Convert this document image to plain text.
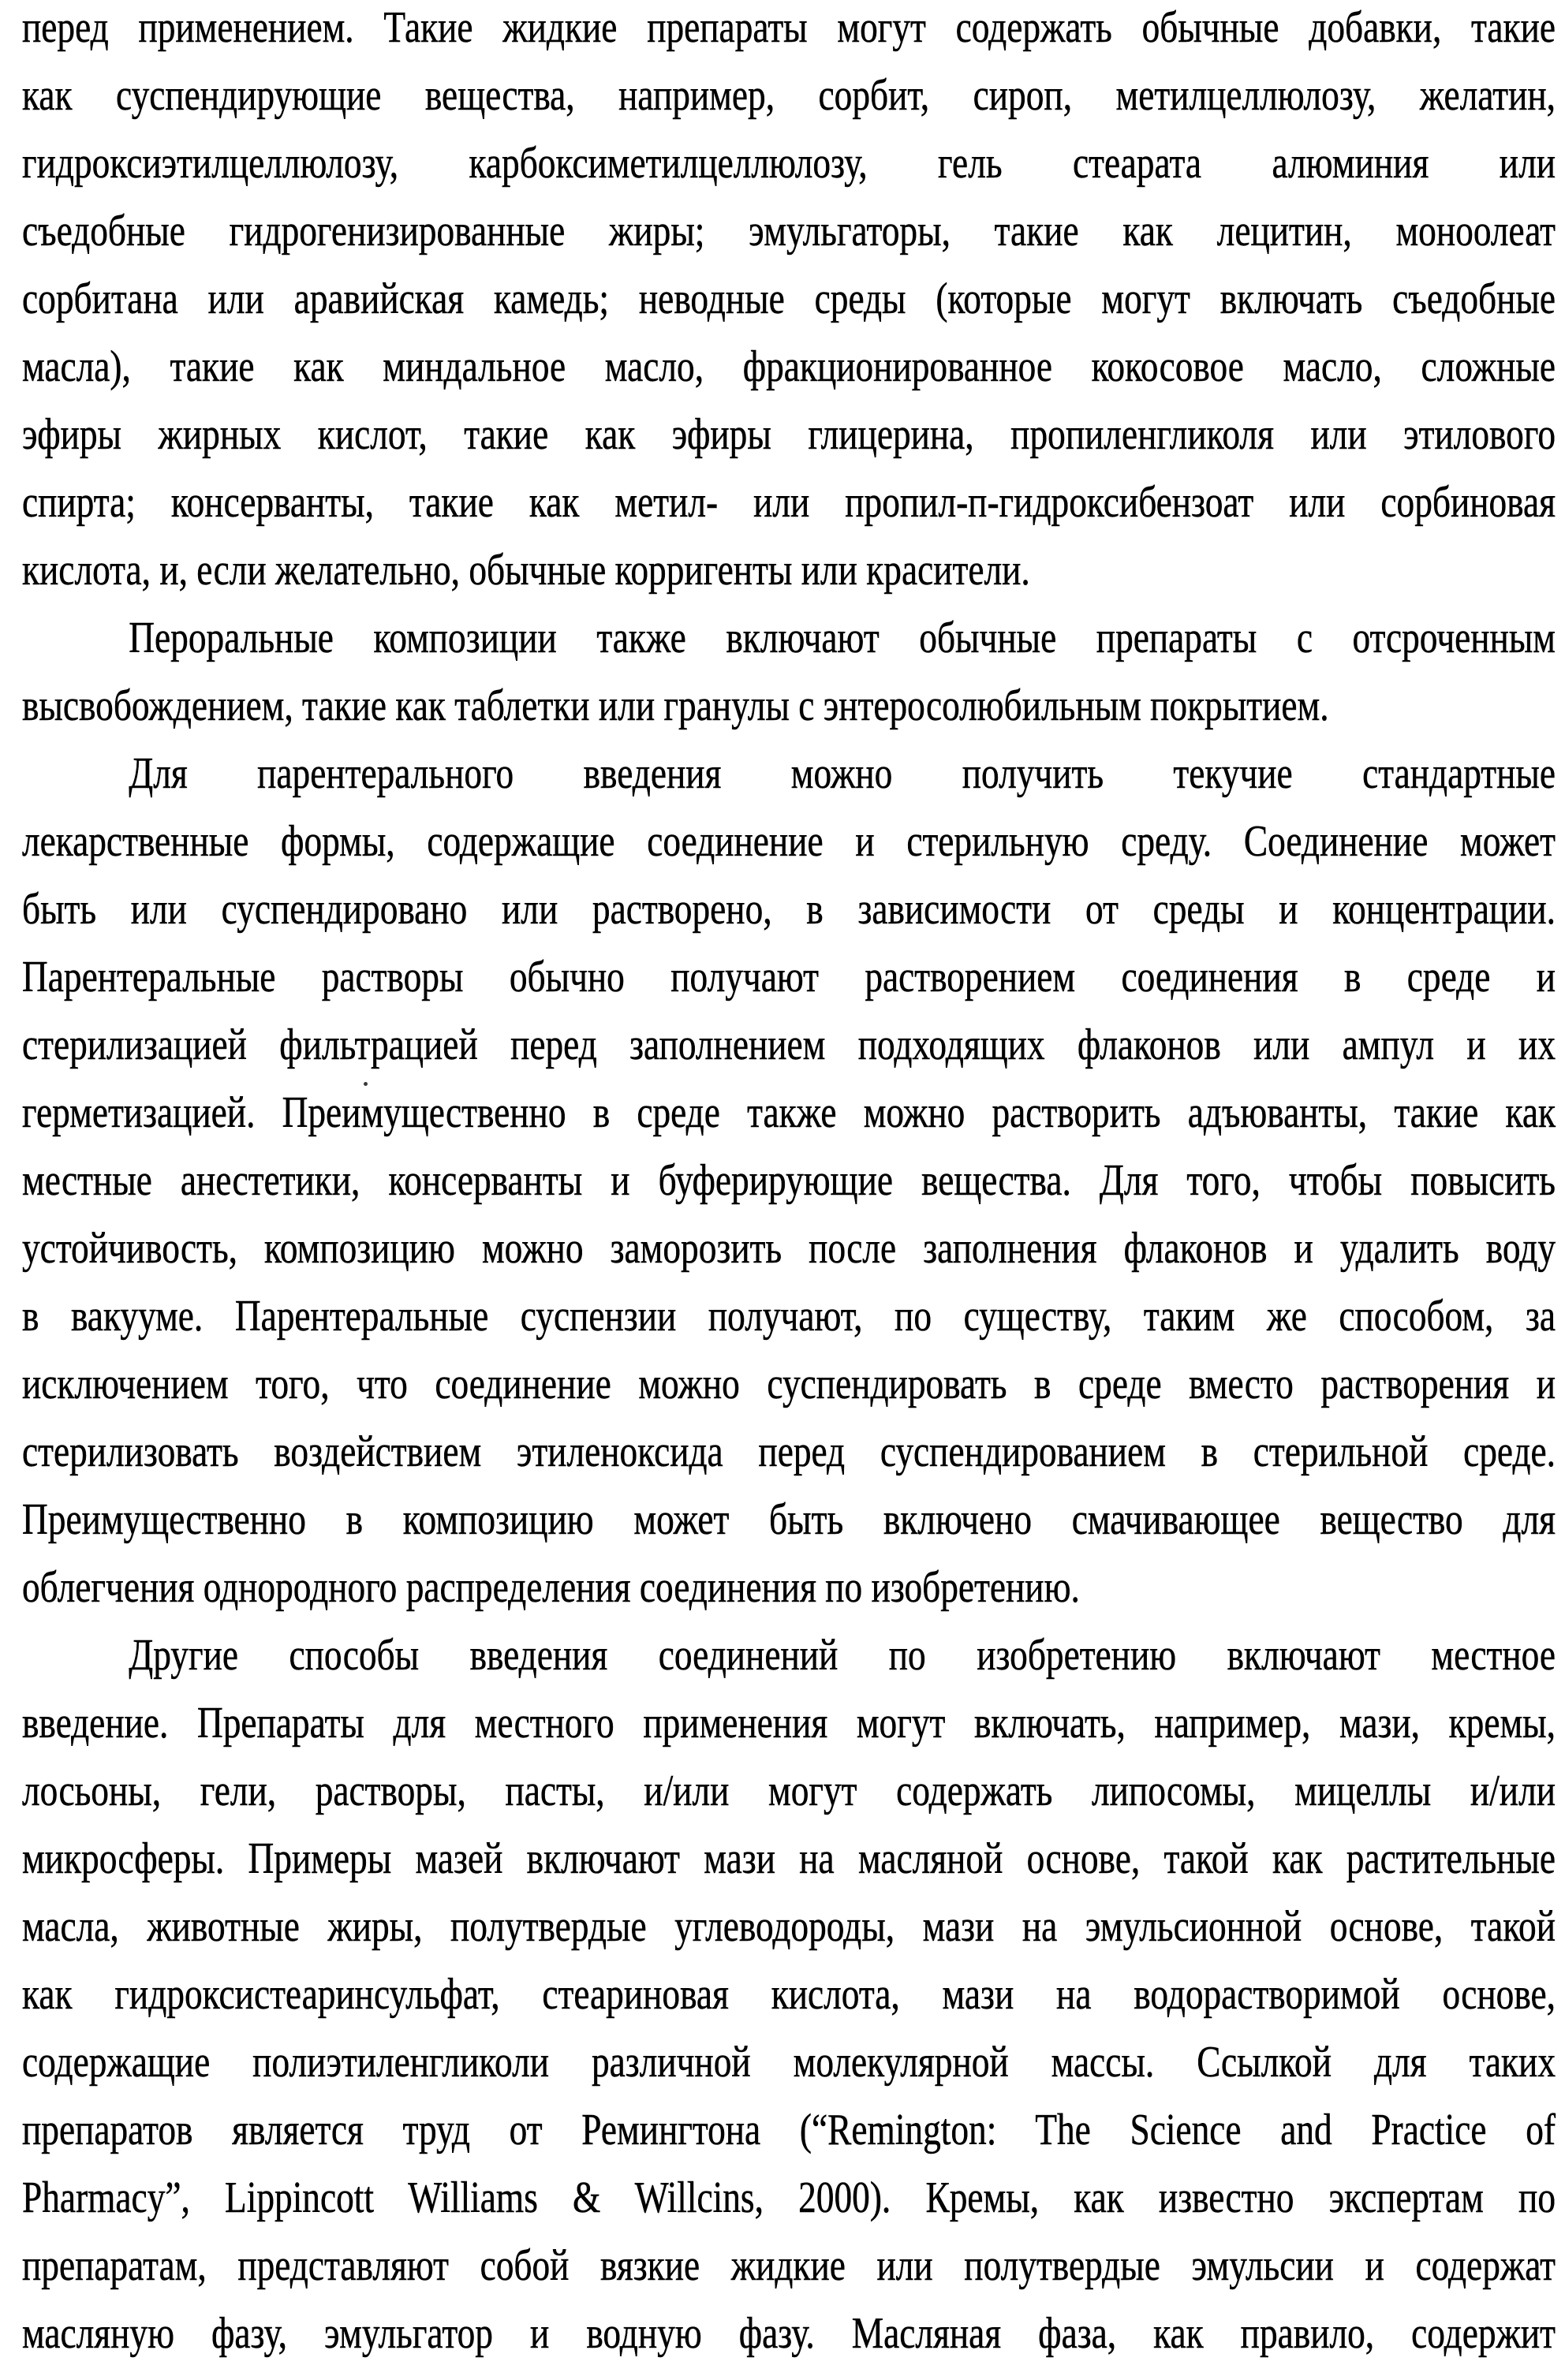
перед применением. Такие жидкие препараты могут содержать обычные добавки, такие
как суспендирующие вещества, например, сорбит, сироп, метилцеллюлозу, желатин,
гидроксиэтилцеллюлозу, карбоксиметилцеллюлозу, гель стеарата алюминия или
съедобные гидрогенизированные жиры; эмульгаторы, такие как лецитин, моноолеат
сорбитана или аравийская камедь; неводные среды (которые могут включать съедобные
масла), такие как миндальное масло, фракционированное кокосовое масло, сложные
эфиры жирных кислот, такие как эфиры глицерина, пропиленгликоля или этилового
спирта; консерванты, такие как метил- или пропил-п-гидроксибензоат или сорбиновая
кислота, и, если желательно, обычные корригенты или красители.
Пероральные композиции также включают обычные препараты с отсроченным
высвобождением, такие как таблетки или гранулы с энтеросолюбильным покрытием.
Для парентерального введения можно получить текучие стандартные
лекарственные формы, содержащие соединение и стерильную среду. Соединение может
быть или суспендировано или растворено, в зависимости от среды и концентрации.
Парентеральные растворы обычно получают растворением соединения в среде и
стерилизацией фильтрацией перед заполнением подходящих флаконов или ампул и их
герметизацией. Преимущественно в среде также можно растворить адъюванты, такие как
местные анестетики, консерванты и буферирующие вещества. Для того, чтобы повысить
устойчивость, композицию можно заморозить после заполнения флаконов и удалить воду
в вакууме. Парентеральные суспензии получают, по существу, таким же способом, за
исключением того, что соединение можно суспендировать в среде вместо растворения и
стерилизовать воздействием этиленоксида перед суспендированием в стерильной среде.
Преимущественно в композицию может быть включено смачивающее вещество для
облегчения однородного распределения соединения по изобретению.
Другие способы введения соединений по изобретению включают местное
введение. Препараты для местного применения могут включать, например, мази, кремы,
лосьоны, гели, растворы, пасты, и/или могут содержать липосомы, мицеллы и/или
микросферы. Примеры мазей включают мази на масляной основе, такой как растительные
масла, животные жиры, полутвердые углеводороды, мази на эмульсионной основе, такой
как гидроксистеаринсульфат, стеариновая кислота, мази на водорастворимой основе,
содержащие полиэтиленгликоли различной молекулярной массы. Ссылкой для таких
препаратов является труд от Ремингтона (“Remington: The Science and Practice of
Pharmacy”, Lippincott Williams & Willcins, 2000). Кремы, как известно экспертам по
препаратам, представляют собой вязкие жидкие или полутвердые эмульсии и содержат
масляную фазу, эмульгатор и водную фазу. Масляная фаза, как правило, содержит
